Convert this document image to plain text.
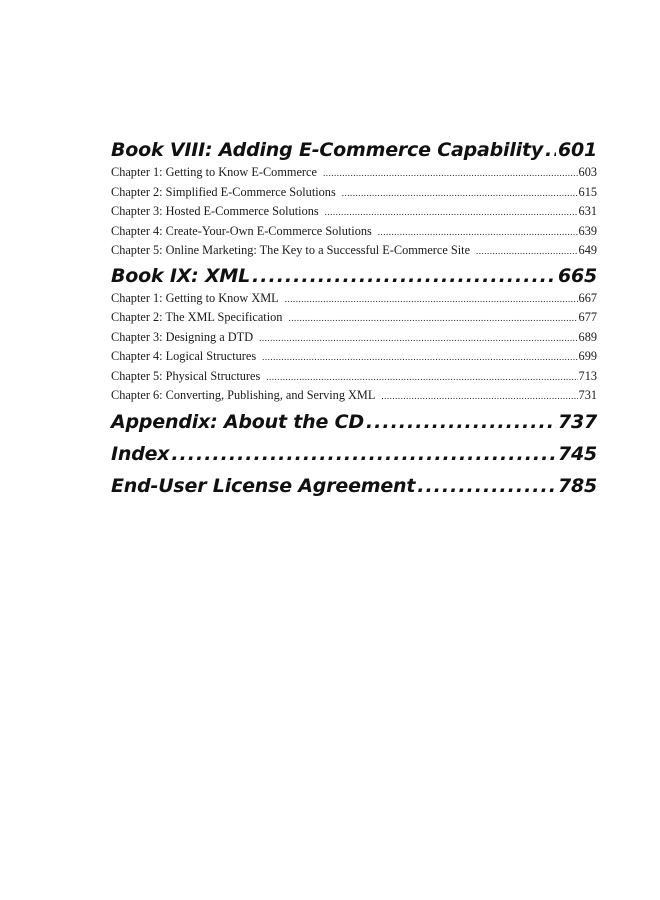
Book VIII: Adding E-Commerce Capability ..... 601
Chapter 1: Getting to Know E-Commerce .....	603
Chapter 2: Simplified E-Commerce Solutions .....	615
Chapter 3: Hosted E-Commerce Solutions .....	631
Chapter 4: Create-Your-Own E-Commerce Solutions .....	639
Chapter 5: Online Marketing: The Key to a Successful E-Commerce Site .....	649
Book IX: XML .....	665
Chapter 1: Getting to Know XML .....	667
Chapter 2: The XML Specification .....	677
Chapter 3: Designing a DTD .....	689
Chapter 4: Logical Structures .....	699
Chapter 5: Physical Structures .....	713
Chapter 6: Converting, Publishing, and Serving XML .....	731
Appendix: About the CD .....	737
Index .....	745
End-User License Agreement .....	785
